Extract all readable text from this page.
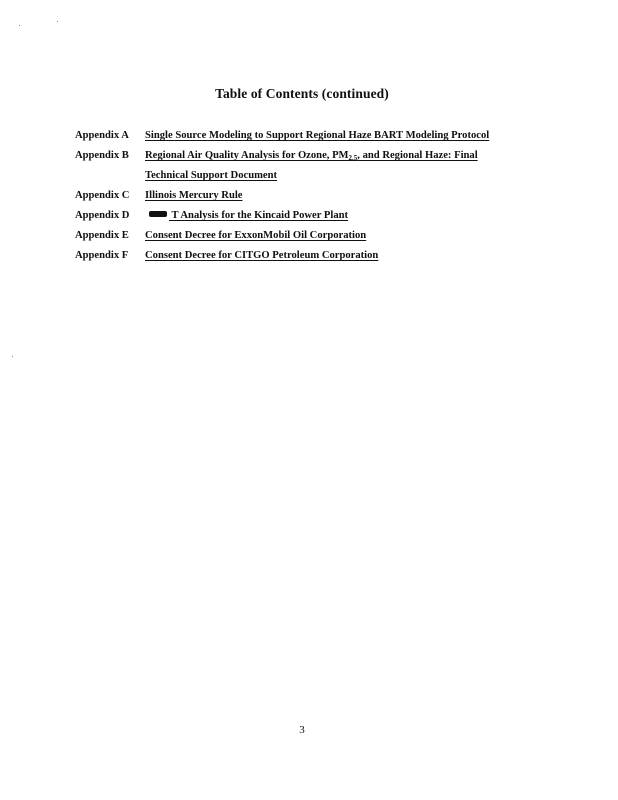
Table of Contents (continued)
Appendix A Single Source Modeling to Support Regional Haze BART Modeling Protocol
Appendix B Regional Air Quality Analysis for Ozone, $PM_{2.5}$, and Regional Haze: Final
Technical Support Document
Appendix C Illinois Mercury Rule
Appendix D	T Analysis for the Kincaid Power Plant
Appendix E Consent Decree for ExxonMobil Oil Corporation
Appendix F Consent Decree for CITGO Petroleum Corporation
3
